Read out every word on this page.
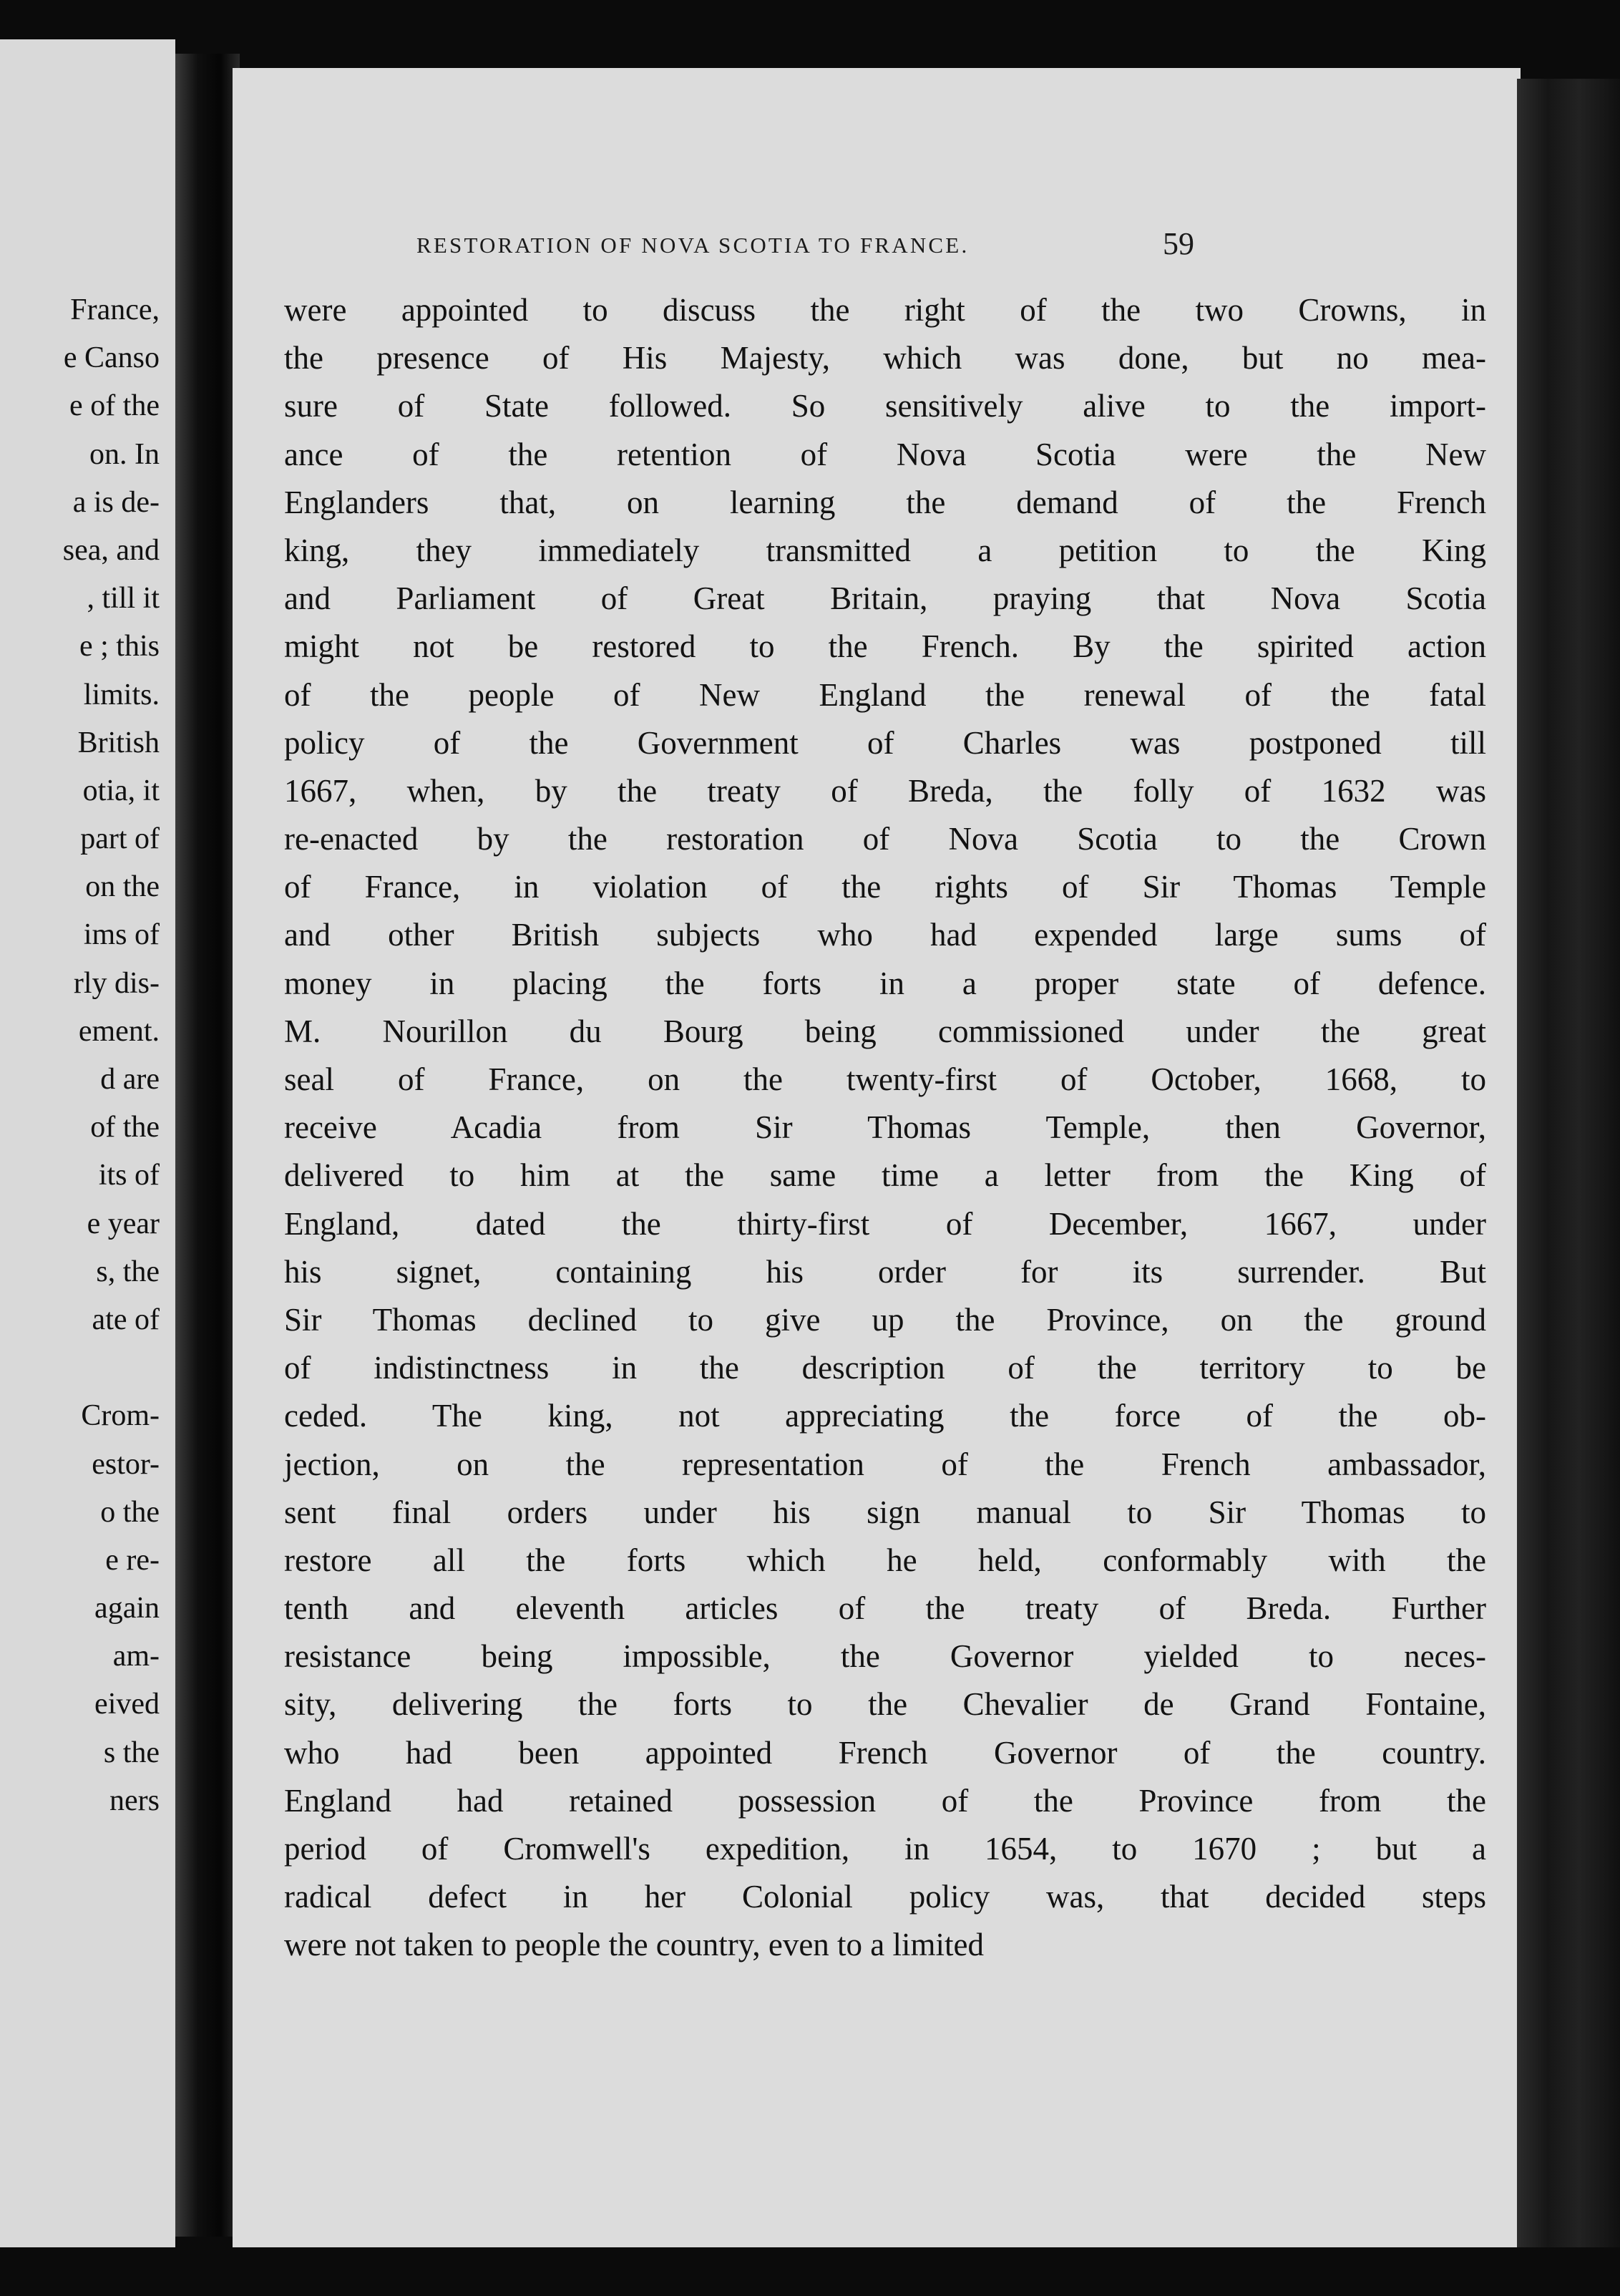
France,
e Canso
e of the
on. In
a is de-
sea, and
, till it
e ; this
limits.
British
otia, it
part of
on the
ims of
rly dis-
ement.
d are
of the
its of
e year
s, the
ate of
Crom-
estor-
o the
e re-
again
am-
eived
s the
ners
RESTORATION OF NOVA SCOTIA TO FRANCE.	59
were appointed to discuss the right of the two Crowns, in
the presence of His Majesty, which was done, but no mea-
sure of State followed. So sensitively alive to the import-
ance of the retention of Nova Scotia were the New
Englanders that, on learning the demand of the French
king, they immediately transmitted a petition to the King
and Parliament of Great Britain, praying that Nova Scotia
might not be restored to the French. By the spirited action
of the people of New England the renewal of the fatal
policy of the Government of Charles was postponed till
1667, when, by the treaty of Breda, the folly of 1632 was
re-enacted by the restoration of Nova Scotia to the Crown
of France, in violation of the rights of Sir Thomas Temple
and other British subjects who had expended large sums of
money in placing the forts in a proper state of defence.
M. Nourillon du Bourg being commissioned under the great
seal of France, on the twenty-first of October, 1668, to
receive Acadia from Sir Thomas Temple, then Governor,
delivered to him at the same time a letter from the King of
England, dated the thirty-first of December, 1667, under
his signet, containing his order for its surrender. But
Sir Thomas declined to give up the Province, on the ground
of indistinctness in the description of the territory to be
ceded. The king, not appreciating the force of the ob-
jection, on the representation of the French ambassador,
sent final orders under his sign manual to Sir Thomas to
restore all the forts which he held, conformably with the
tenth and eleventh articles of the treaty of Breda. Further
resistance being impossible, the Governor yielded to neces-
sity, delivering the forts to the Chevalier de Grand Fontaine,
who had been appointed French Governor of the country.
England had retained possession of the Province from the
period of Cromwell's expedition, in 1654, to 1670 ; but a
radical defect in her Colonial policy was, that decided steps
were not taken to people the country, even to a limited
